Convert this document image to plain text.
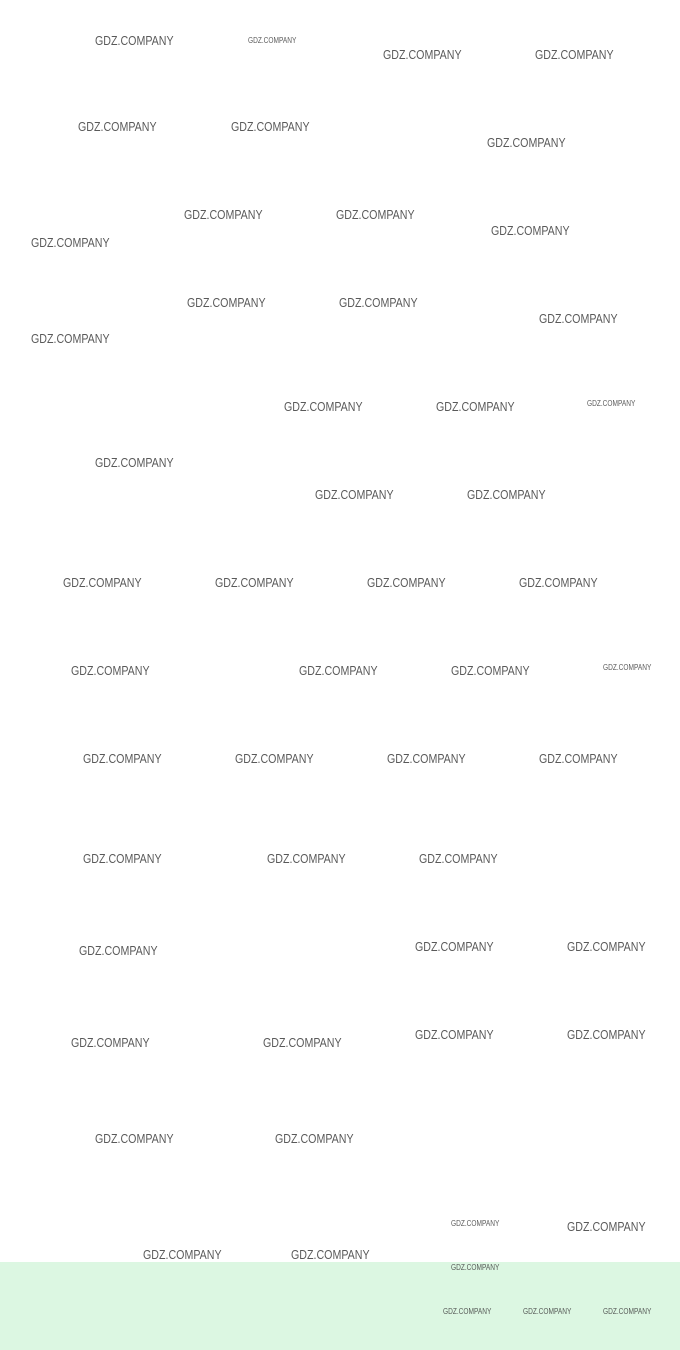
GDZ.COMPANY	GDZ.COMPANY
GDZ.COMPANY	GDZ.COMPANY
GDZ.COMPANY	GDZ.COMPANY
GDZ.COMPANY
GDZ.COMPANY	GDZ.COMPANY
GDZ.COMPANY
GDZ.COMPANY
GDZ.COMPANY	GDZ.COMPANY
GDZ.COMPANY
GDZ.COMPANY
GDZ.COMPANY	GDZ.COMPANY	GDZ.COMPANY
GDZ.COMPANY
GDZ.COMPANY	GDZ.COMPANY
GDZ.COMPANY	GDZ.COMPANY	GDZ.COMPANY	GDZ.COMPANY
GDZ.COMPANY	GDZ.COMPANY	GDZ.COMPANY	GDZ.COMPANY
GDZ.COMPANY	GDZ.COMPANY	GDZ.COMPANY	GDZ.COMPANY
GDZ.COMPANY	GDZ.COMPANY	GDZ.COMPANY
GDZ.COMPANY	GDZ.COMPANY	GDZ.COMPANY
GDZ.COMPANY
GDZ.COMPANY	GDZ.COMPANY
GDZ.COMPANY
GDZ.COMPANY	GDZ.COMPANY
GDZ.COMPANY	GDZ.COMPANY
GDZ.COMPANY	GDZ.COMPANY
GDZ.COMPANY
GDZ.COMPANY	GDZ.COMPANY	GDZ.COMPANY
